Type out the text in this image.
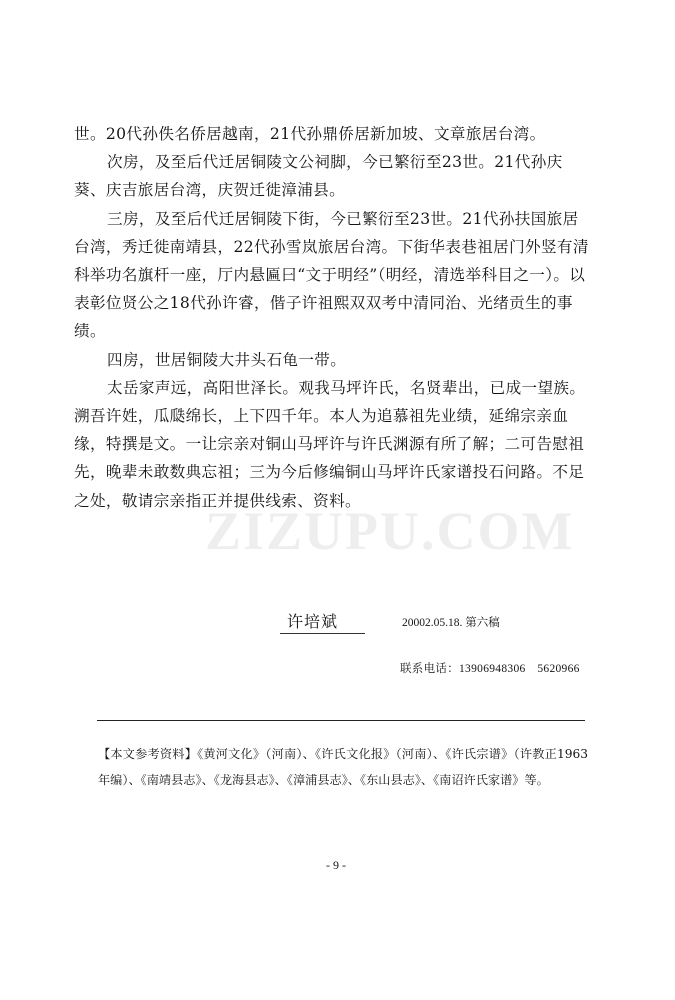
世。20代孙佚名侨居越南，21代孙鼎侨居新加坡、文章旅居台湾。

次房，及至后代迁居铜陵文公祠脚，今已繁衍至23世。21代孙庆葵、庆吉旅居台湾，庆贺迁徙漳浦县。

三房，及至后代迁居铜陵下街，今已繁衍至23世。21代孙扶国旅居台湾，秀迁徙南靖县，22代孙雪岚旅居台湾。下街华表巷祖居门外竖有清科举功名旗杆一座，厅内悬匾曰“文于明经”（明经，清选举科目之一）。以表彰位贤公之18代孙许睿，偕子许祖熙双双考中清同治、光绪贡生的事绩。

四房，世居铜陵大井头石龟一带。

太岳家声远，高阳世泽长。观我马坪许氏，名贤辈出，已成一望族。溯吾许姓，瓜瓞绵长，上下四千年。本人为追慕祖先业绩，延绵宗亲血缘，特撰是文。一让宗亲对铜山马坪许与许氏渊源有所了解；二可告慰祖先，晚辈未敢数典忘祖；三为今后修编铜山马坪许氏家谱投石问路。不足之处，敬请宗亲指正并提供线索、资料。

ZIZUPU.COM
许培斌	20002.05.18. 第六稿
联系电话：13906948306　5620966
【本文参考资料】《黄河文化》（河南）、《许氏文化报》（河南）、《许氏宗谱》（许教正1963年编）、《南靖县志》、《龙海县志》、《漳浦县志》、《东山县志》、《南诏许氏家谱》等。
- 9 -
